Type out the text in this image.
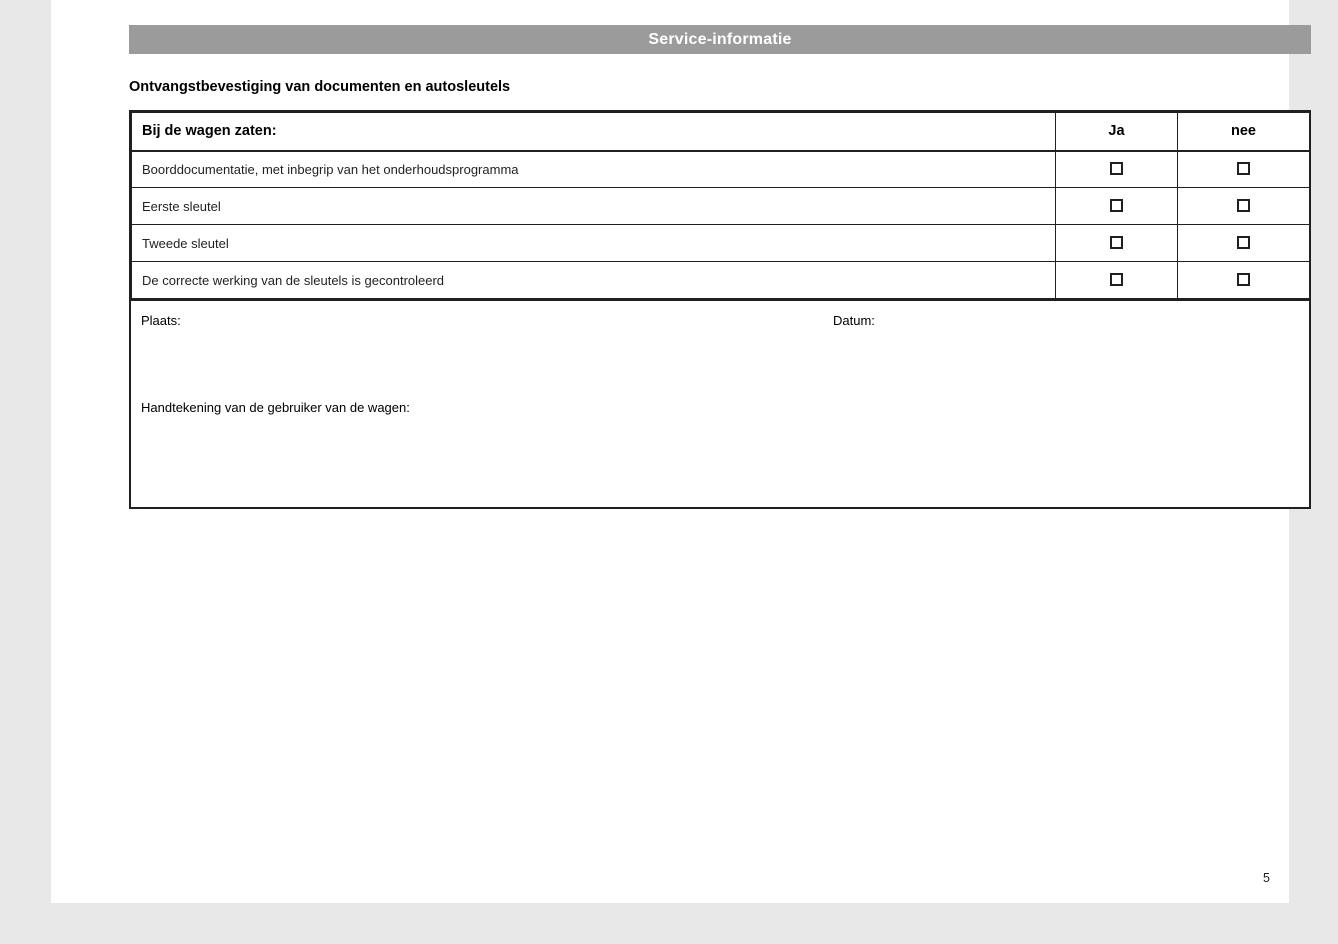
Service-informatie
Ontvangstbevestiging van documenten en autosleutels
Bij de wagen zaten:	Ja	nee
Boorddocumentatie, met inbegrip van het onderhoudsprogramma		
Eerste sleutel		
Tweede sleutel		
De correcte werking van de sleutels is gecontroleerd		
Plaats:	Datum:
Handtekening van de gebruiker van de wagen:
5
